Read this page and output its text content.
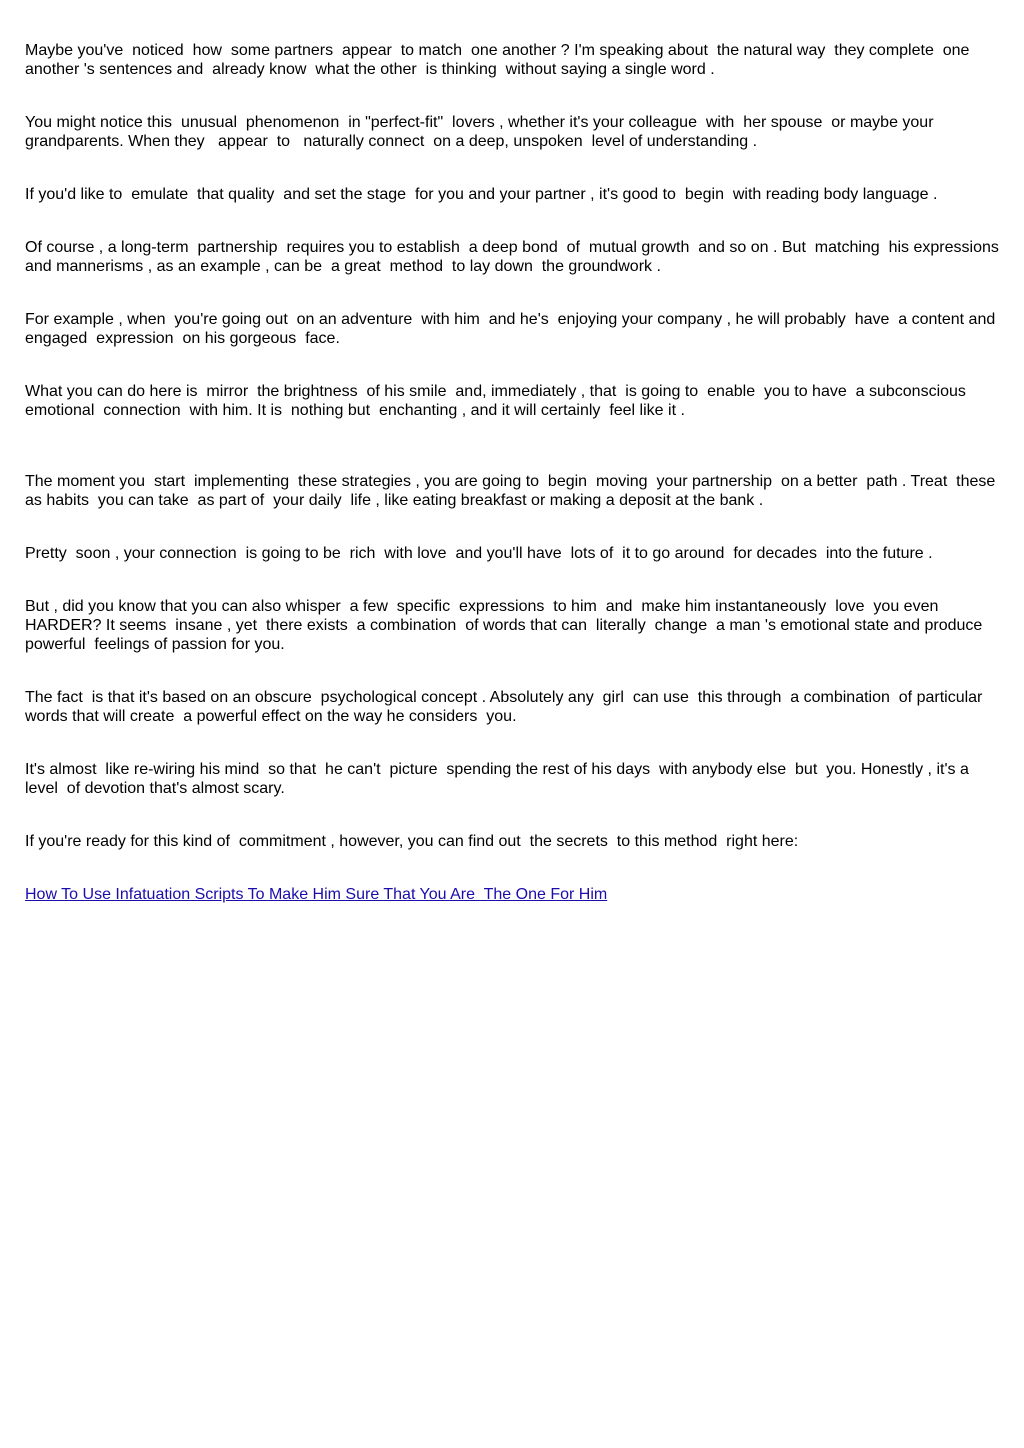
Maybe you've  noticed  how  some partners  appear  to match  one another ? I'm speaking about  the natural way  they complete  one another 's sentences and  already know  what the other  is thinking  without saying a single word .

You might notice this  unusual  phenomenon  in "perfect-fit"  lovers , whether it's your colleague  with  her spouse  or maybe your    grandparents. When they   appear  to   naturally connect  on a deep, unspoken  level of understanding .

If you'd like to  emulate  that quality  and set the stage  for you and your partner , it's good to  begin  with reading body language .

Of course , a long-term  partnership  requires you to establish  a deep bond  of  mutual growth  and so on . But  matching  his expressions and mannerisms , as an example , can be  a great  method  to lay down  the groundwork .

For example , when  you're going out  on an adventure  with him  and he's  enjoying your company , he will probably  have  a content and engaged  expression  on his gorgeous  face.

What you can do here is  mirror  the brightness  of his smile  and, immediately , that  is going to  enable  you to have  a subconscious emotional  connection  with him. It is  nothing but  enchanting , and it will certainly  feel like it .

The moment you  start  implementing  these strategies , you are going to  begin  moving  your partnership  on a better  path . Treat  these as habits  you can take  as part of  your daily  life , like eating breakfast or making a deposit at the bank .

Pretty  soon , your connection  is going to be  rich  with love  and you'll have  lots of  it to go around  for decades  into the future .

But , did you know that you can also whisper  a few  specific  expressions  to him  and  make him instantaneously  love  you even HARDER? It seems  insane , yet  there exists  a combination  of words that can  literally  change  a man 's emotional state and produce  powerful  feelings of passion for you.

The fact  is that it's based on an obscure  psychological concept . Absolutely any  girl  can use  this through  a combination  of particular  words that will create  a powerful effect on the way he considers  you.

It's almost  like re-wiring his mind  so that  he can't  picture  spending the rest of his days  with anybody else  but  you. Honestly , it's a level  of devotion that's almost scary.

If you're ready for this kind of  commitment , however, you can find out  the secrets  to this method  right here:

How To Use Infatuation Scripts To Make Him Sure That You Are  The One For Him
